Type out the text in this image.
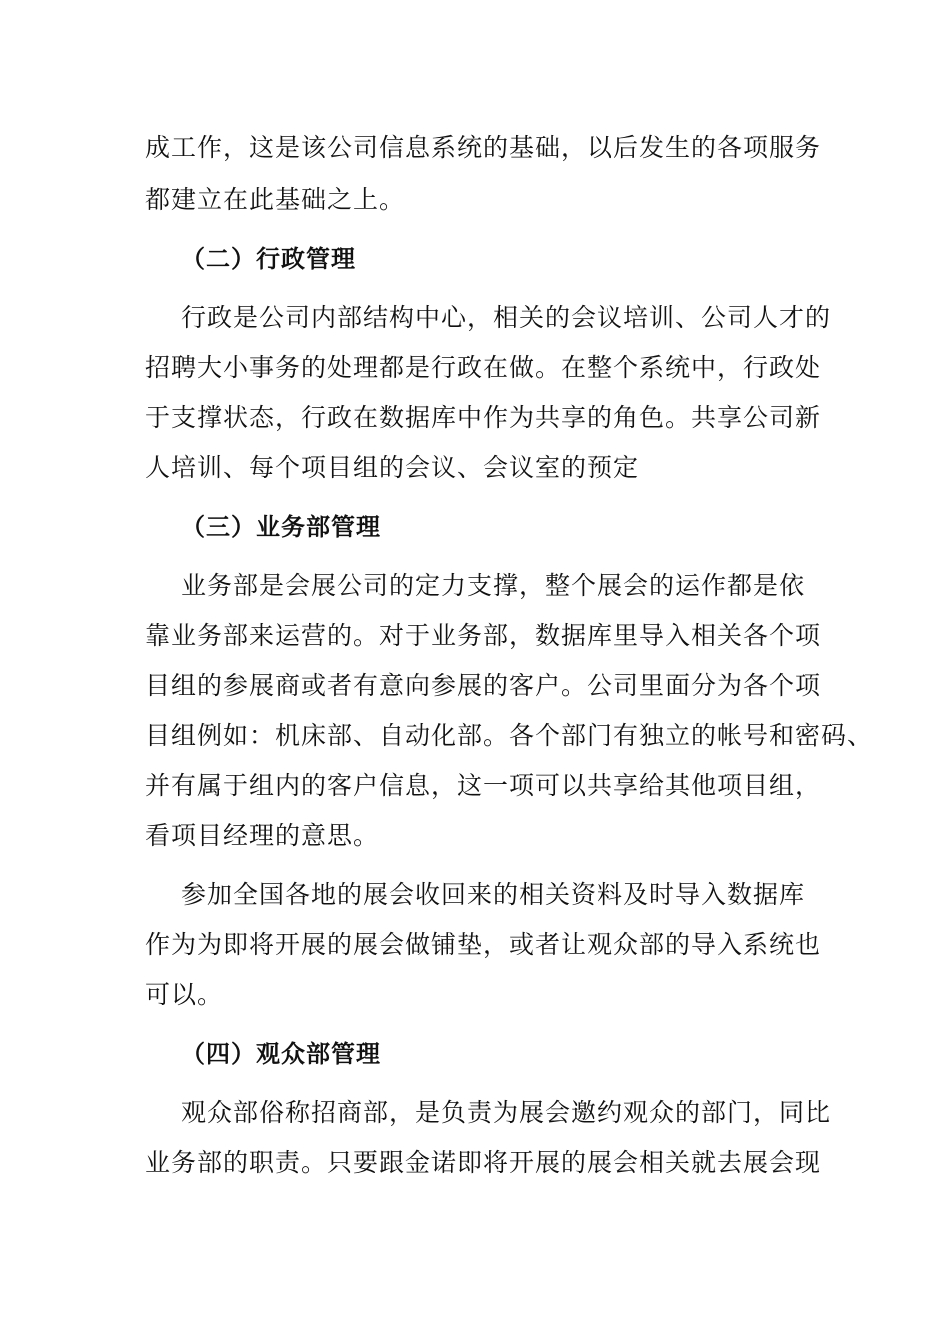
成工作，这是该公司信息系统的基础，以后发生的各项服务
都建立在此基础之上。
（二）行政管理
行政是公司内部结构中心，相关的会议培训、公司人才的
招聘大小事务的处理都是行政在做。在整个系统中，行政处
于支撑状态，行政在数据库中作为共享的角色。共享公司新
人培训、每个项目组的会议、会议室的预定
（三）业务部管理
业务部是会展公司的定力支撑，整个展会的运作都是依
靠业务部来运营的。对于业务部，数据库里导入相关各个项
目组的参展商或者有意向参展的客户。公司里面分为各个项
目组例如：机床部、自动化部。各个部门有独立的帐号和密码、
并有属于组内的客户信息，这一项可以共享给其他项目组，
看项目经理的意思。
参加全国各地的展会收回来的相关资料及时导入数据库
作为为即将开展的展会做铺垫，或者让观众部的导入系统也
可以。
（四）观众部管理
观众部俗称招商部，是负责为展会邀约观众的部门，同比
业务部的职责。只要跟金诺即将开展的展会相关就去展会现
